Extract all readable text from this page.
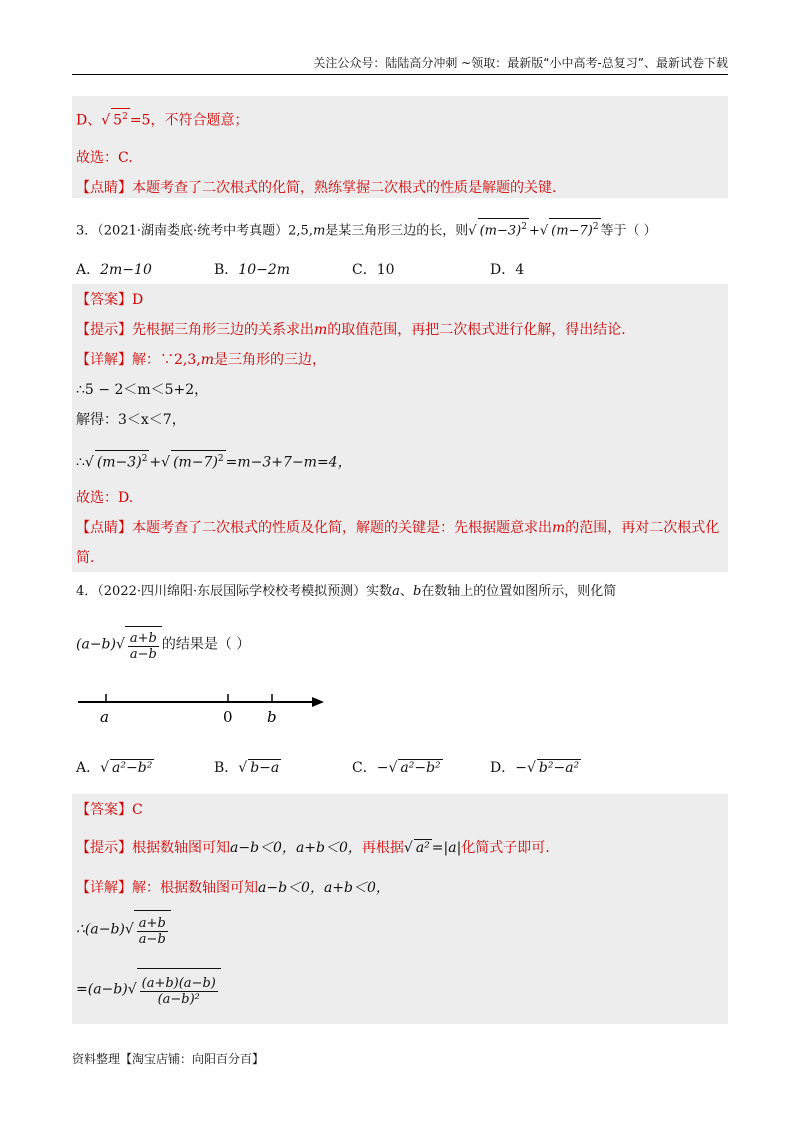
关注公众号：陆陆高分冲刺 ~领取：最新版“小中高考-总复习”、最新试卷下载
D、√ $5^2 =5$，不符合题意；
故选：C.
【点睛】本题考查了二次根式的化简，熟练掌握二次根式的性质是解题的关键.
3．（2021·湖南娄底·统考中考真题）2,5,m是某三角形三边的长，则√ $(m-3)^2$ +√ $(m-7)^2$ 等于（ ）
A．2m−10	B．10−2m	C．10	D．4
【答案】D
【提示】先根据三角形三边的关系求出m的取值范围，再把二次根式进行化解，得出结论.
【详解】解：∵2,3,m是三角形的三边，
∴5 − 2＜m＜5+2，
解得：3＜x＜7，
∴√ $(m-3)^2$ +√ $(m-7)^2 =m-3+7-m=4$，
故选：D.
【点睛】本题考查了二次根式的性质及化简，解题的关键是：先根据题意求出m的范围，再对二次根式化
简.
4．（2022·四川绵阳·东辰国际学校校考模拟预测）实数a、b在数轴上的位置如图所示，则化简
$(a-b)√ \frac{a+b}{a-b}$ 的结果是（ ）
a	0 b
A．√ a²−b²	B．√ b−a	C．−√ a²−b²	D．−√ b²−a²
【答案】C
【提示】根据数轴图可知a−b＜0，a+b＜0，再根据√ a² =|a|化简式子即可.
【详解】解：根据数轴图可知a−b＜0，a+b＜0，
∴(a−b)√ $\frac{a+b}{a-b}$
$=(a-b)√ \frac{(a+b)(a-b)}{\text{(a−b)²}}$
资料整理【淘宝店铺：向阳百分百】
